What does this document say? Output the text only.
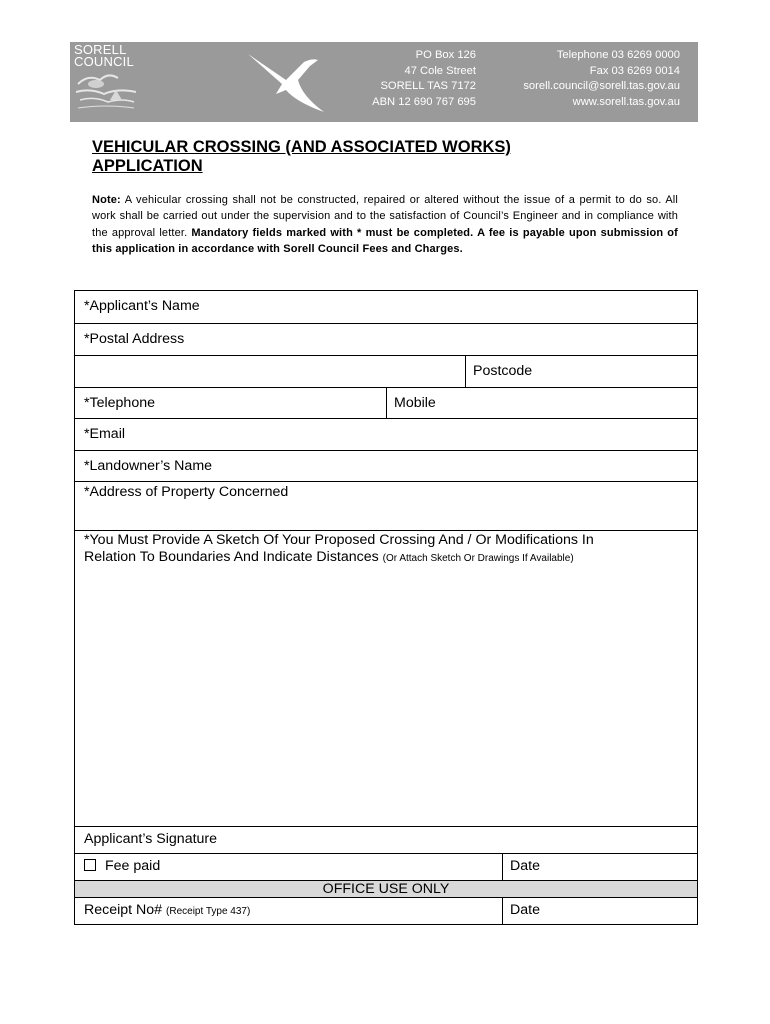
SORELL
COUNCIL	PO Box 126
47 Cole Street
SORELL TAS 7172
ABN 12 690 767 695
Telephone 03 6269 0000
Fax 03 6269 0014
sorell.council@sorell.tas.gov.au
www.sorell.tas.gov.au
VEHICULAR CROSSING (AND ASSOCIATED WORKS)
APPLICATION
Note: A vehicular crossing shall not be constructed, repaired or altered without the issue of a permit to do so. All work shall be carried out under the supervision and to the satisfaction of Council’s Engineer and in compliance with the approval letter. Mandatory fields marked with * must be completed. A fee is payable upon submission of this application in accordance with Sorell Council Fees and Charges.
*Applicant’s Name
*Postal Address
Postcode
*Telephone	Mobile
*Email
*Landowner’s Name
*Address of Property Concerned
*You Must Provide A Sketch Of Your Proposed Crossing And / Or Modifications In
Relation To Boundaries And Indicate Distances (Or Attach Sketch Or Drawings If Available)
Applicant’s Signature
Fee paid	Date
OFFICE USE ONLY
Receipt No# (Receipt Type 437)	Date
